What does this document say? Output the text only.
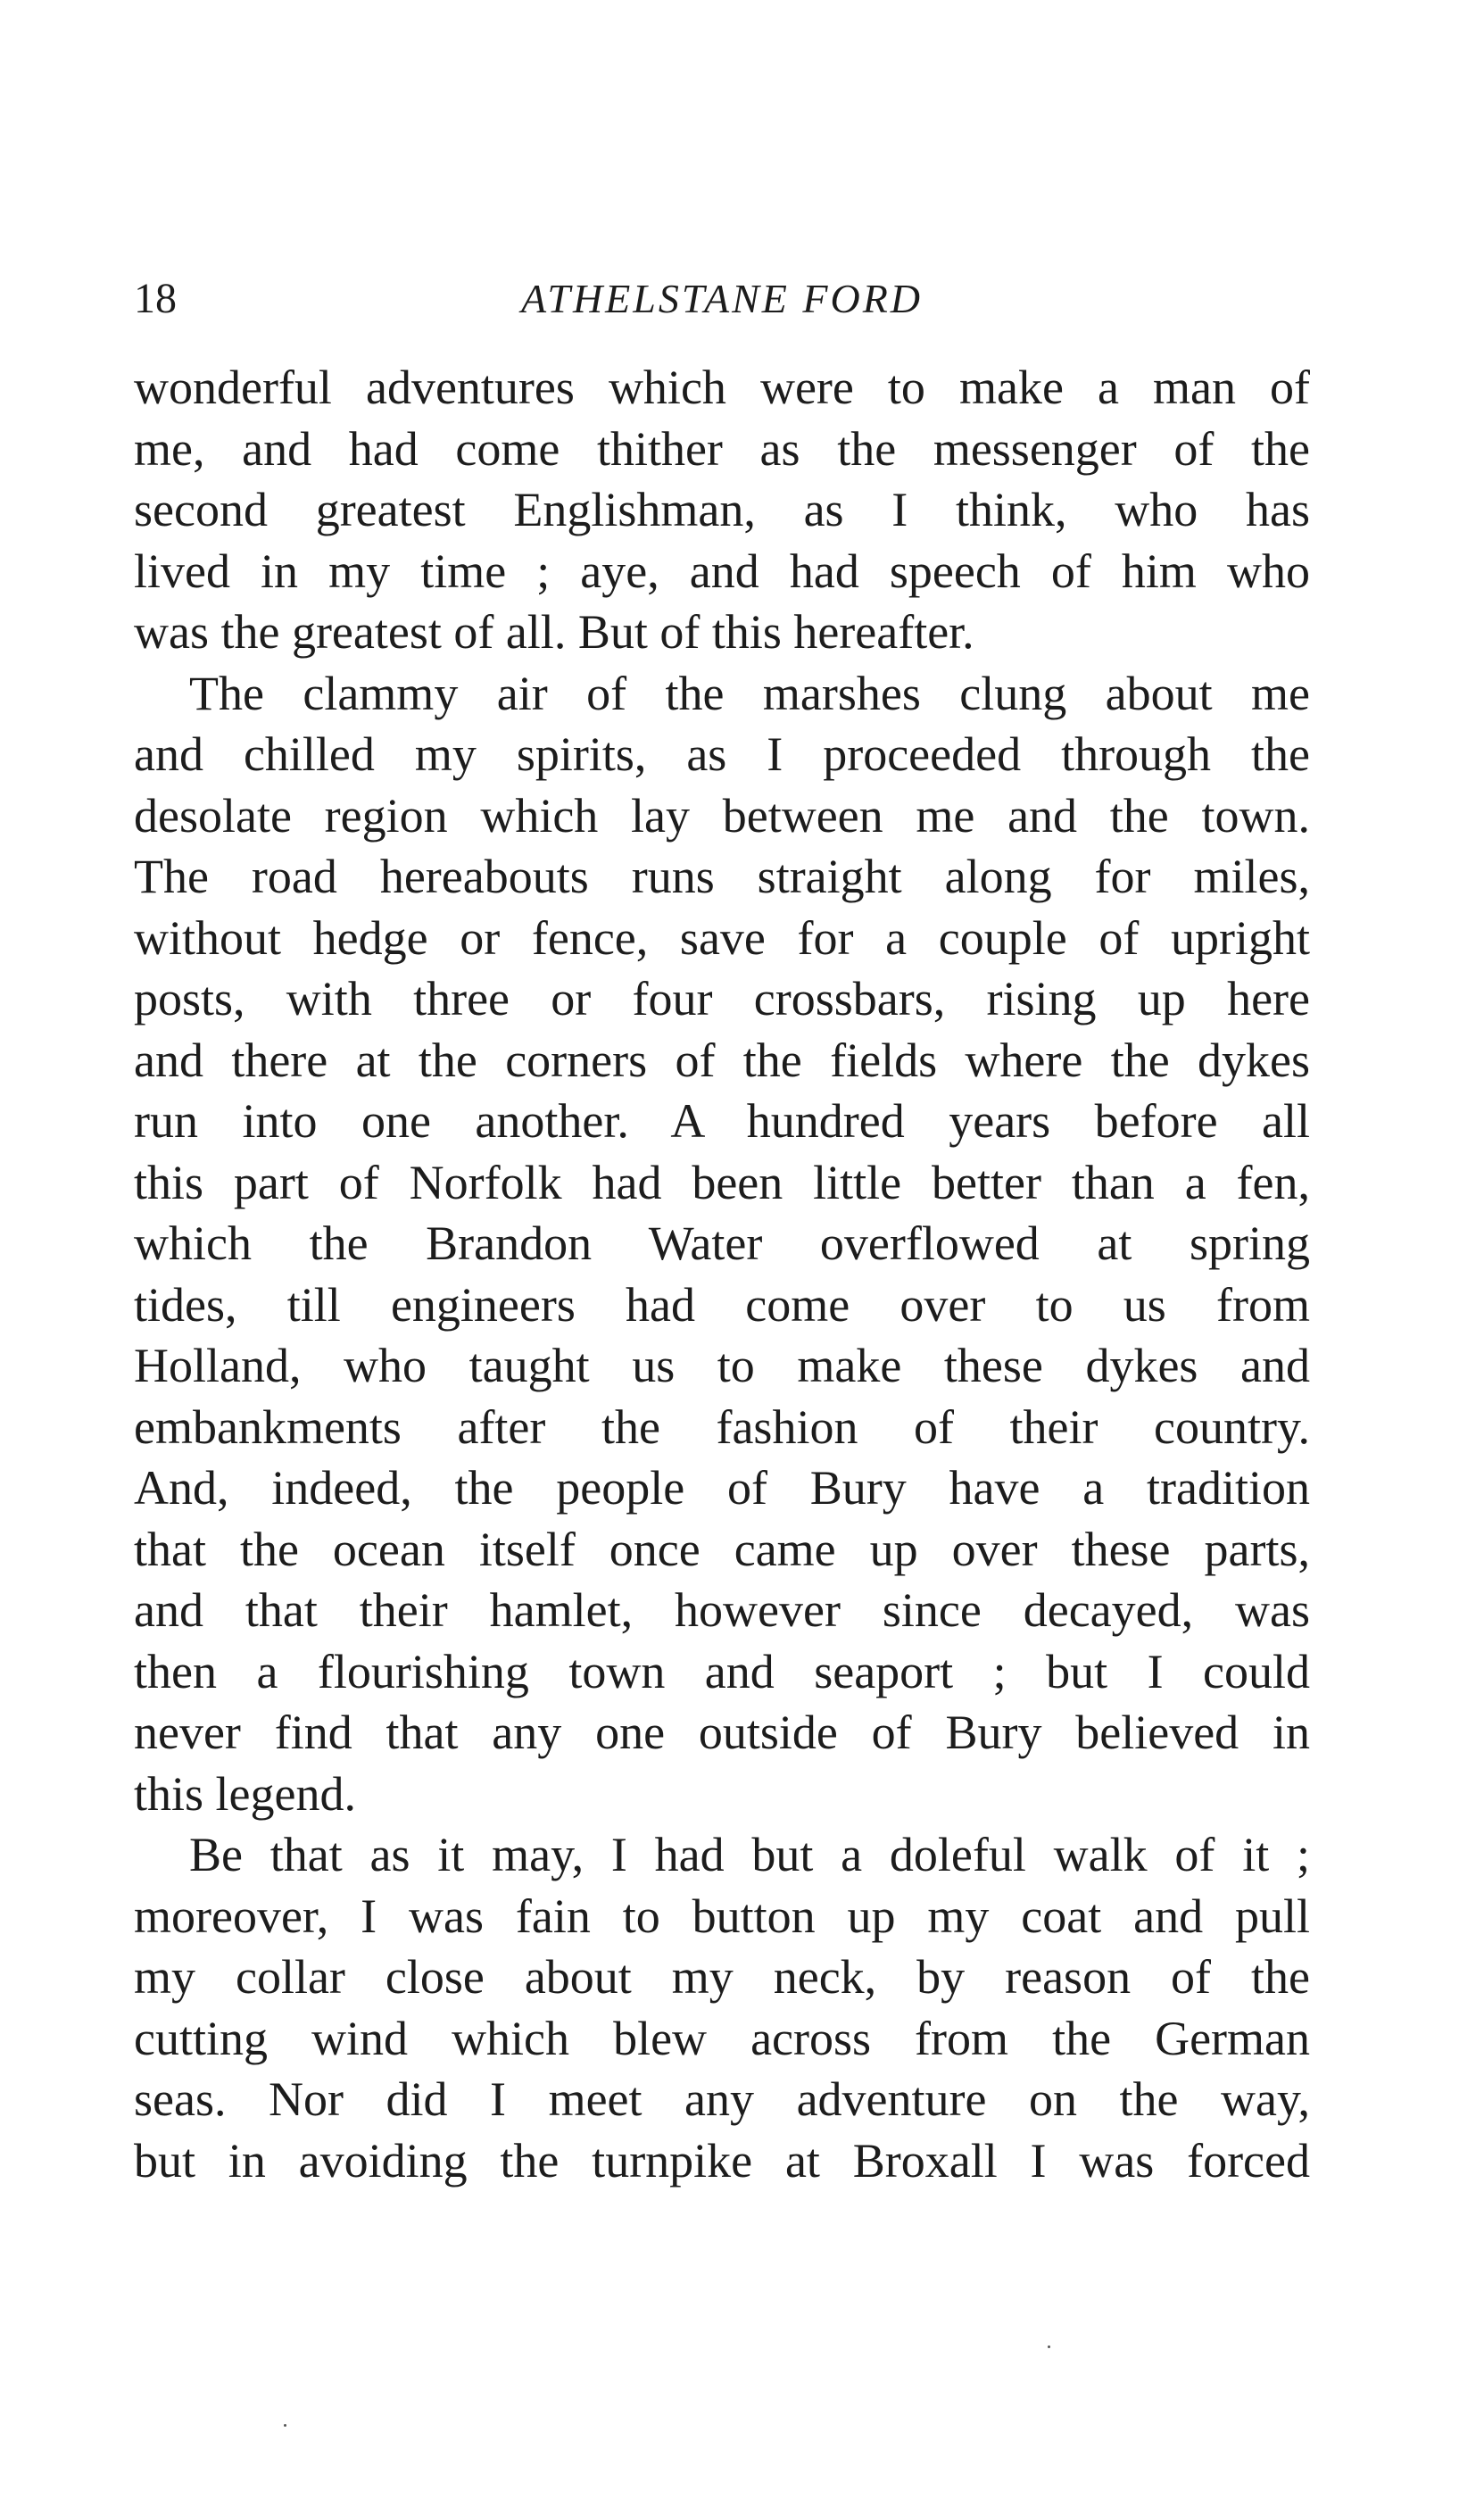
18	ATHELSTANE FORD
wonderful adventures which were to make a man of
me, and had come thither as the messenger of the
second greatest Englishman, as I think, who has
lived in my time ; aye, and had speech of him who
was the greatest of all. But of this hereafter.
The clammy air of the marshes clung about me
and chilled my spirits, as I proceeded through the
desolate region which lay between me and the town.
The road hereabouts runs straight along for miles,
without hedge or fence, save for a couple of upright
posts, with three or four crossbars, rising up here
and there at the corners of the fields where the dykes
run into one another. A hundred years before all
this part of Norfolk had been little better than a fen,
which the Brandon Water overflowed at spring
tides, till engineers had come over to us from
Holland, who taught us to make these dykes and
embankments after the fashion of their country.
And, indeed, the people of Bury have a tradition
that the ocean itself once came up over these parts,
and that their hamlet, however since decayed, was
then a flourishing town and seaport ; but I could
never find that any one outside of Bury believed in
this legend.
Be that as it may, I had but a doleful walk of it ;
moreover, I was fain to button up my coat and pull
my collar close about my neck, by reason of the
cutting wind which blew across from the German
seas. Nor did I meet any adventure on the way,
but in avoiding the turnpike at Broxall I was forced
